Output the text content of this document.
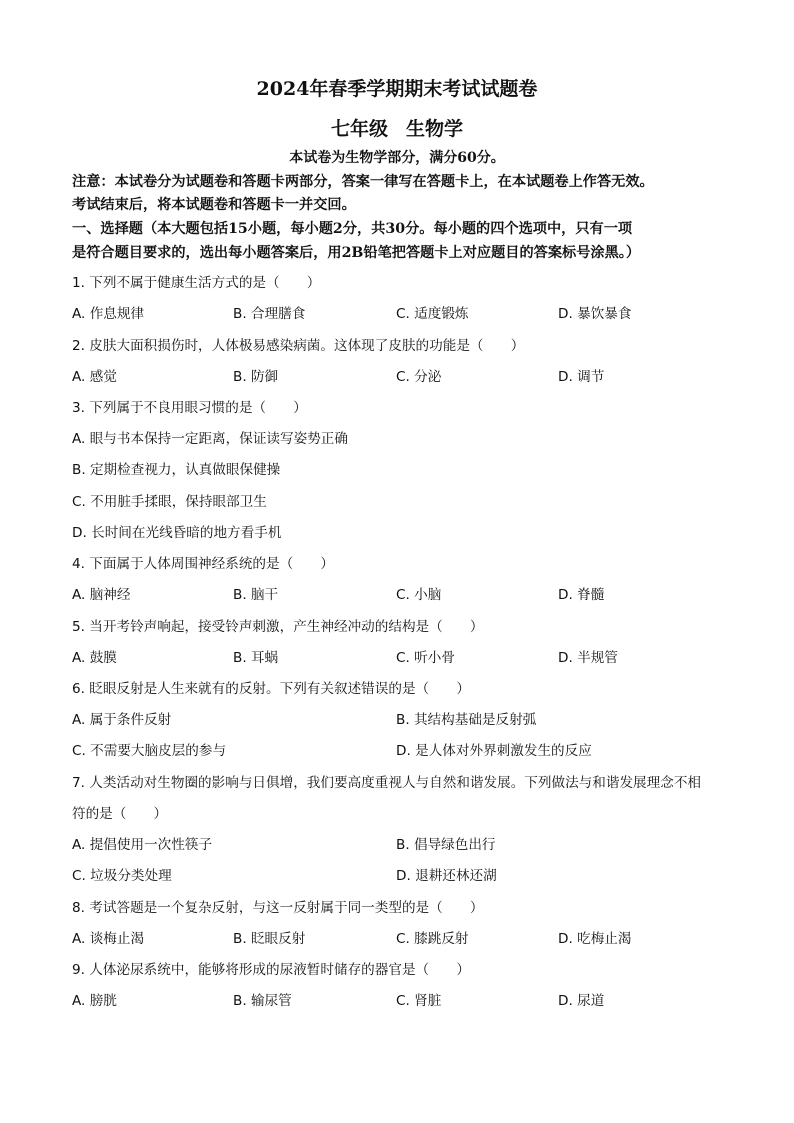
2024年春季学期期末考试试题卷
七年级 生物学
本试卷为生物学部分，满分60分。
注意：本试卷分为试题卷和答题卡两部分，答案一律写在答题卡上，在本试题卷上作答无效。
考试结束后，将本试题卷和答题卡一并交回。
一、选择题（本大题包括15小题，每小题2分，共30分。每小题的四个选项中，只有一项
是符合题目要求的，选出每小题答案后，用2B铅笔把答题卡上对应题目的答案标号涂黑。）
1. 下列不属于健康生活方式的是（　　）
A. 作息规律	B. 合理膳食	C. 适度锻炼	D. 暴饮暴食
2. 皮肤大面积损伤时，人体极易感染病菌。这体现了皮肤的功能是（　　）
A. 感觉	B. 防御	C. 分泌	D. 调节
3. 下列属于不良用眼习惯的是（　　）
A. 眼与书本保持一定距离，保证读写姿势正确
B. 定期检查视力，认真做眼保健操
C. 不用脏手揉眼，保持眼部卫生
D. 长时间在光线昏暗的地方看手机
4. 下面属于人体周围神经系统的是（　　）
A. 脑神经	B. 脑干	C. 小脑	D. 脊髓
5. 当开考铃声响起，接受铃声刺激，产生神经冲动的结构是（　　）
A. 鼓膜	B. 耳蜗	C. 听小骨	D. 半规管
6. 眨眼反射是人生来就有的反射。下列有关叙述错误的是（　　）
A. 属于条件反射	B. 其结构基础是反射弧
C. 不需要大脑皮层的参与	D. 是人体对外界刺激发生的反应
7. 人类活动对生物圈的影响与日俱增，我们要高度重视人与自然和谐发展。下列做法与和谐发展理念不相
符的是（　　）
A. 提倡使用一次性筷子	B. 倡导绿色出行
C. 垃圾分类处理	D. 退耕还林还湖
8. 考试答题是一个复杂反射，与这一反射属于同一类型的是（　　）
A. 谈梅止渴	B. 眨眼反射	C. 膝跳反射	D. 吃梅止渴
9. 人体泌尿系统中，能够将形成的尿液暂时储存的器官是（　　）
A. 膀胱	B. 输尿管	C. 肾脏	D. 尿道
